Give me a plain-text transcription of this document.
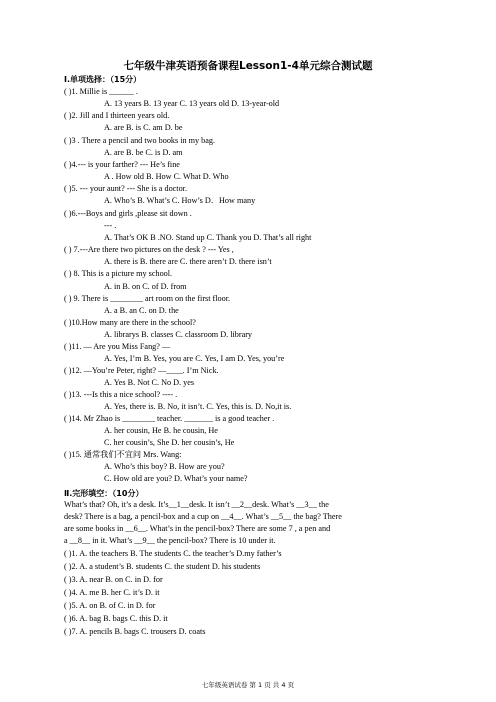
七年级牛津英语预备课程Lesson1-4单元综合测试题
Ⅰ.单项选择：（15分）
( )1. Millie is ______ .
A. 13 years B. 13 year C. 13 years old D. 13-year-old
( )2. Jill and I thirteen years old.
A. are B. is C. am D. be
( )3 . There a pencil and two books in my bag.
A. are B. be C. is D. am
( )4.--- is your farther? --- He’s fine
A . How old B. How C. What D. Who
( )5. --- your aunt? --- She is a doctor.
A. Who’s B. What’s C. How’s D．How many
( )6.---Boys and girls ,please sit down .
--- .
A. That’s OK B .NO. Stand up C. Thank you D. That’s all right
( ) 7.---Are there two pictures on the desk ? --- Yes ,
A. there is B. there are C. there aren’t D. there isn’t
( ) 8. This is a picture my school.
A. in B. on C. of D. from
( ) 9. There is ________ art room on the first floor.
A. a B. an C. on D. the
( )10.How many are there in the school?
A. librarys B. classes C. classroom D. library
( )11. — Are you Miss Fang? —
A. Yes, I’m B. Yes, you are C. Yes, I am D. Yes, you’re
( )12. —You’re Peter, right? —____. I’m Nick.
A. Yes B. Not C. No D. yes
( )13. ---Is this a nice school? ---- .
A. Yes, there is. B. No, it isn’t. C. Yes, this is. D. No,it is.
( )14. Mr Zhao is ________ teacher. _______ is a good teacher .
A. her cousin, He B. he cousin, He
C. her cousin’s, She D. her cousin’s, He
( )15. 通常我们不宜问 Mrs. Wang:
A. Who’s this boy? B. How are you?
C. How old are you? D. What’s your name?
Ⅱ.完形填空：（10分）
What’s that? Oh, it’s a desk. It’s__1__desk. It isn’t __2__desk. What’s __3__ the
desk? There is a bag, a pencil-box and a cup on __4__. What’s __5__ the bag? There
are some books in __6__. What’s in the pencil-box? There are some 7 , a pen and
a __8__ in it. What’s __9__ the pencil-box? There is 10 under it.
( )1. A. the teachers B. The students C. the teacher’s D.my father’s
( )2. A. a student’s B. students C. the student D. his students
( )3. A. near B. on C. in D. for
( )4. A. me B. her C. it’s D. it
( )5. A. on B. of C. in D. for
( )6. A. bag B. bags C. this D. it
( )7. A. pencils B. bags C. trousers D. coats
七年级英语试卷 第 1 页 共 4 页
